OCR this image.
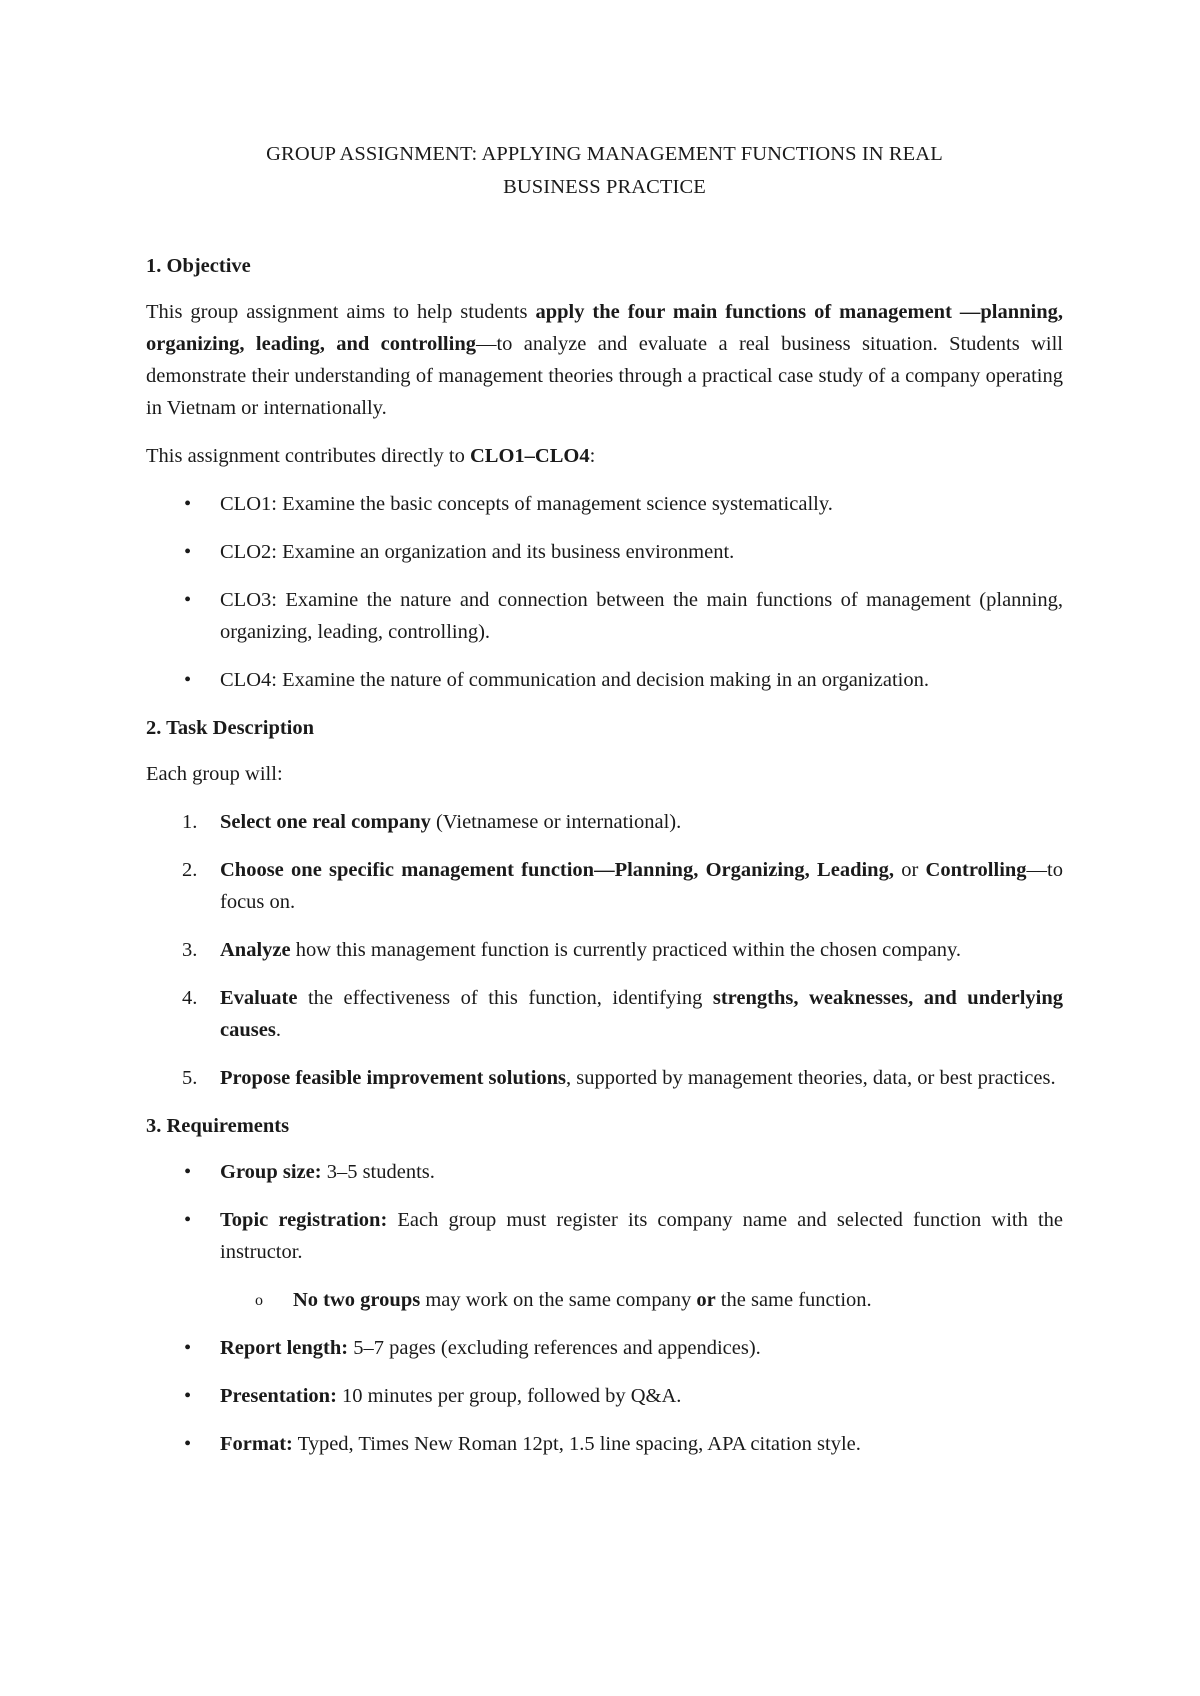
GROUP ASSIGNMENT: APPLYING MANAGEMENT FUNCTIONS IN REAL
BUSINESS PRACTICE
1. Objective

This group assignment aims to help students apply the four main functions of management —planning, organizing, leading, and controlling—to analyze and evaluate a real business situation. Students will demonstrate their understanding of management theories through a practical case study of a company operating in Vietnam or internationally.

This assignment contributes directly to CLO1–CLO4:

• CLO1: Examine the basic concepts of management science systematically.
• CLO2: Examine an organization and its business environment.
• CLO3: Examine the nature and connection between the main functions of management (planning, organizing, leading, controlling).
• CLO4: Examine the nature of communication and decision making in an organization.
2. Task Description

Each group will:

1. Select one real company (Vietnamese or international).
2. Choose one specific management function—Planning, Organizing, Leading, or Controlling—to focus on.
3. Analyze how this management function is currently practiced within the chosen company.
4. Evaluate the effectiveness of this function, identifying strengths, weaknesses, and underlying causes.
5. Propose feasible improvement solutions, supported by management theories, data, or best practices.
3. Requirements
• Group size: 3–5 students.
• Topic registration: Each group must register its company name and selected function with the instructor.
o No two groups may work on the same company or the same function.
• Report length: 5–7 pages (excluding references and appendices).
• Presentation: 10 minutes per group, followed by Q&A.
• Format: Typed, Times New Roman 12pt, 1.5 line spacing, APA citation style.
